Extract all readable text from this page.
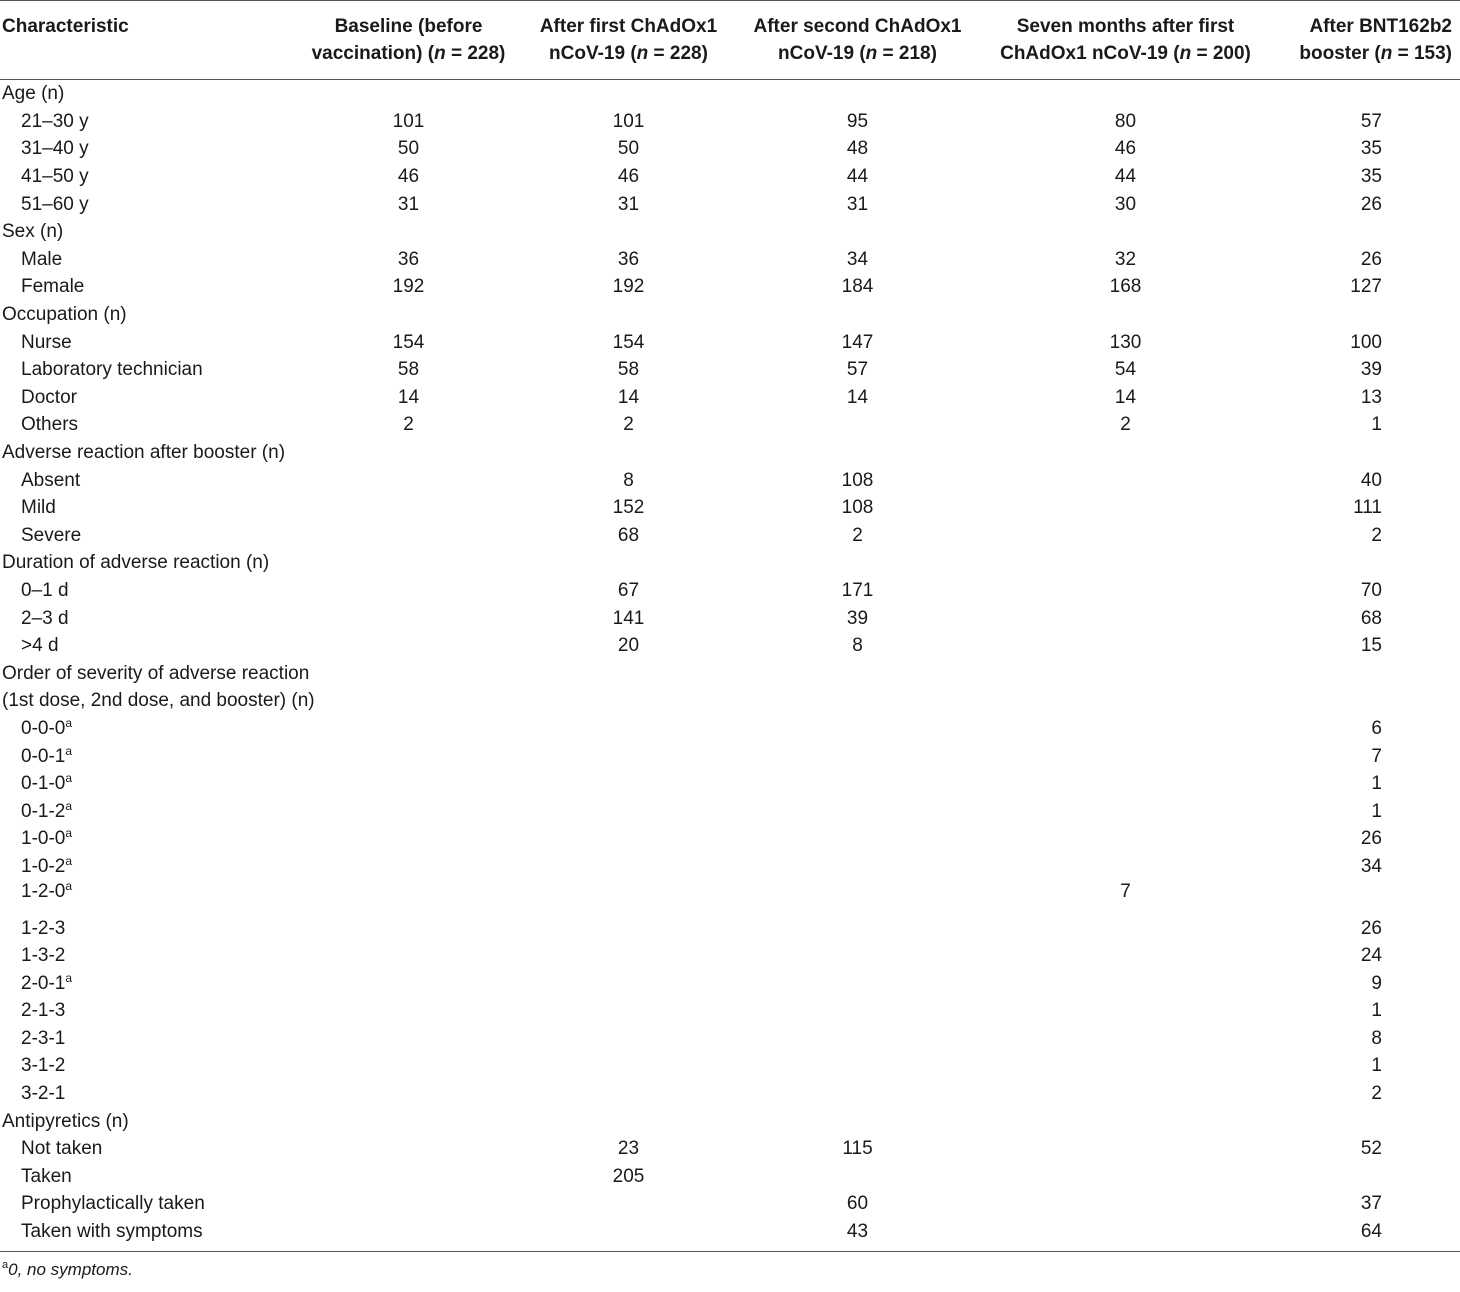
Characteristic	Baseline (before
vaccination) (n = 228)	After first ChAdOx1
nCoV-19 (n = 228)	After second ChAdOx1
nCoV-19 (n = 218)	Seven months after first
ChAdOx1 nCoV-19 (n = 200)	After BNT162b2
booster (n = 153)
Age (n)					
21–30 y	101	101	95	80	57
31–40 y	50	50	48	46	35
41–50 y	46	46	44	44	35
51–60 y	31	31	31	30	26
Sex (n)					
Male	36	36	34	32	26
Female	192	192	184	168	127
Occupation (n)					
Nurse	154	154	147	130	100
Laboratory technician	58	58	57	54	39
Doctor	14	14	14	14	13
Others	2	2		2	1
Adverse reaction after booster (n)					
Absent		8	108		40
Mild		152	108		111
Severe		68	2		2
Duration of adverse reaction (n)					
0–1 d		67	171		70
2–3 d		141	39		68
>4 d		20	8		15
Order of severity of adverse reaction					
(1st dose, 2nd dose, and booster) (n)					
0-0-0$^a$					6
0-0-1$^a$					7
0-1-0$^a$					1
0-1-2$^a$					1
1-0-0$^a$					26
1-0-2$^a$					34
1-2-0$^a$				7	
1-2-3					26
1-3-2					24
2-0-1$^a$					9
2-1-3					1
2-3-1					8
3-1-2					1
3-2-1					2
Antipyretics (n)					
Not taken		23	115		52
Taken		205			
Prophylactically taken			60		37
Taken with symptoms			43		64
$^a$0, no symptoms.
